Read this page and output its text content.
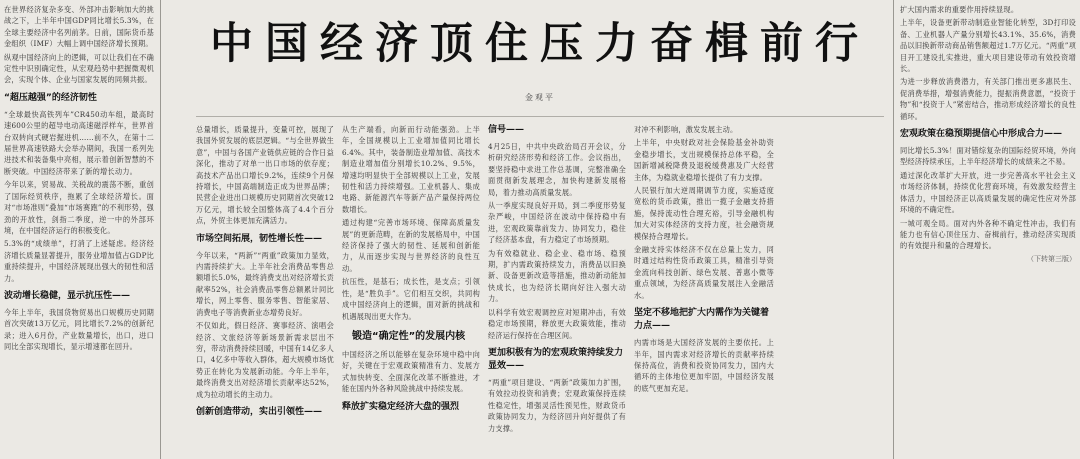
在世界经济复杂多变、外部冲击影响加大的挑战之下，上半年中国GDP同比增长5.3%，在全球主要经济中名列前茅。日前，国际货币基金组织（IMF）大幅上调中国经济增长预期。

纵观中国经济向上的逻辑，可以让我们在不确定性中识别确定性，从宏观趋势中把握微观机会，实现个体、企业与国家发展的同频共振。

“超压越强”的经济韧性

“全球最快高铁列车”CR450动车组，最高时速600公里的超导电动高速磁浮样车，世界首台双转向式硬岩掘进机……前不久，在第十二届世界高速铁路大会举办期间，我国一系列先进技术和装备集中亮相，展示着创新智慧的不断突破。中国经济带来了新的增长动力。

今年以来，贸易战、关税战的震荡不断，重创了国际经贸秩序，拖累了全球经济增长。面对“市场准则”叠加“市场赛跑”的不利形势，强劲的开放性，剑指二季度，逆一中的外部环境，在中国经济运行的积极变化。

5.3%的“成绩单”，打消了上述疑虑。经济经济增长质量显著提升，服务业增加值占GDP比重持续提升，中国经济展现出强大的韧性和活力。

波动增长稳健，显示抗压性——

今年上半年，我国货物贸易出口规模历史同期首次突破13万亿元，同比增长7.2%的创新纪录；进入6月份，产业数量增长，出口，进口同比全部实现增长，显示增速都在回升。

中国经济顶住压力奋楫前行
金观平

总量增长，质量提升，变量可控，展现了我国外贸发展的底层逻辑。“与全世界做生意”，中国与各国产业链供应链的合作日益深化，推动了对单一出口市场的依存度；高技术产品出口增长9.2%，连续9个月保持增长，中国高端制造正成为世界品牌；民营企业进出口规模历史同期首次突破12万亿元，增长较全国整体高了4.4个百分点，外贸主体更加充满活力。

市场空间拓展，韧性增长性——

今年以来，“两新”“两重”政策加力显效，内需持续扩大。上半年社会消费品零售总额增长5.0%，最终消费支出对经济增长贡献率52%，社会消费品零售总额累计同比增长，网上零售、服务零售、智能家居、消费电子等消费新业态增势良好。

不仅如此，假日经济、赛事经济、演唱会经济、文旅经济等新场景新需求层出不穷，带动消费持续回暖，中国有14亿多人口，4亿多中等收入群体，超大规模市场优势正在转化为发展新动能。今年上半年，最终消费支出对经济增长贡献率达52%，成为拉动增长的主动力。

创新创造带动，实出引领性——

从生产端看，向新而行动能强劲。上半年，全国规模以上工业增加值同比增长6.4%。其中，装备制造业增加值、高技术制造业增加值分别增长10.2%、9.5%，增速均明显快于全部规模以上工业，发展韧性和活力持续增强。工业机器人、集成电路、新能源汽车等新产品产量保持两位数增长。

通过构建“完善市场环境、保障高质量发展”的更新范畴，在新的发展格局中，中国经济保持了强大的韧性、延展和创新能力，从而逐步实现与世界经济的良性互动。

抗压性，是基石；成长性，是支点；引领性，是“胜负手”。它们相互交织，共同构成中国经济向上的逻辑，面对新的挑战和机遇展现出更大作为。

锻造“确定性”的发展内核

中国经济之所以能够在复杂环境中稳中向好，关键在于宏观政策精准有力、发展方式加快转变、全面深化改革不断推进，才能在国内外各种风险挑战中持续发展。

释放扩实稳定经济大盘的强烈
信号——

4月25日，中共中央政治局召开会议，分析研究经济形势和经济工作。会议指出，要坚持稳中求进工作总基调，完整准确全面贯彻新发展理念，加快构建新发展格局，着力推动高质量发展。

从一季度实现良好开局，到二季度形势复杂严峻，中国经济在波动中保持稳中有进，宏观政策靠前发力、协同发力，稳住了经济基本盘，有力稳定了市场预期。

为有效稳就业、稳企业、稳市场、稳预期，扩内需政策持续发力，消费品以旧换新、设备更新改造等措施，推动新动能加快成长，也为经济长期向好注入强大动力。

以科学有效宏观调控应对短期冲击，有效稳定市场预期，释放更大政策效能，推动经济运行保持在合理区间。

更加积极有为的宏观政策持续发力显效——

“两重”项目建设、“两新”政策加力扩围，有效拉动投资和消费；宏观政策保持连续性稳定性，增强灵活性预见性，财政货币政策协同发力，为经济回升向好提供了有力支撑。

对冲不利影响，激发发展主动。

上半年，中央财政对社会保险基金补助资金稳步增长，支出规模保持总体平稳，全国新增减税降费及退税缓费惠及广大经营主体，为稳就业稳增长提供了有力支撑。

人民银行加大逆周期调节力度，实施适度宽松的货币政策，推出一揽子金融支持措施，保持流动性合理充裕，引导金融机构加大对实体经济的支持力度，社会融资规模保持合理增长。

金融支持实体经济不仅在总量上发力，同时通过结构性货币政策工具，精准引导资金流向科技创新、绿色发展、普惠小微等重点领域，为经济高质量发展注入金融活水。

坚定不移地把扩大内需作为关键着力点——

内需市场是大国经济发展的主要依托。上半年，国内需求对经济增长的贡献率持续保持高位，消费和投资协同发力，国内大循环的主体地位更加牢固，中国经济发展的底气更加充足。

扩大国内需求的重要作用持续显现。

上半年，设备更新带动制造业智能化转型，3D打印设备、工业机器人产量分别增长43.1%、35.6%，消费品以旧换新带动商品销售额超过1.7万亿元。“两重”项目开工建设扎实推进，重大项目建设带动有效投资增长。

为进一步释放消费潜力，有关部门推出更多惠民生、促消费举措，增强消费能力，提振消费意愿，“投资于物”和“投资于人”紧密结合，推动形成经济增长的良性循环。

宏观政策在稳预期提信心中形成合力——

同比增长5.3%！面对错综复杂的国际经贸环境，外向型经济持续承压，上半年经济增长的成绩来之不易。

通过深化改革扩大开放，进一步完善高水平社会主义市场经济体制，持续优化营商环境，有效激发经营主体活力，中国经济正以高质量发展的确定性应对外部环境的不确定性。

一城可观全局。面对内外各种不确定性冲击，我们有能力也有信心顶住压力、奋楫前行，推动经济实现质的有效提升和量的合理增长。

（下转第三版）
